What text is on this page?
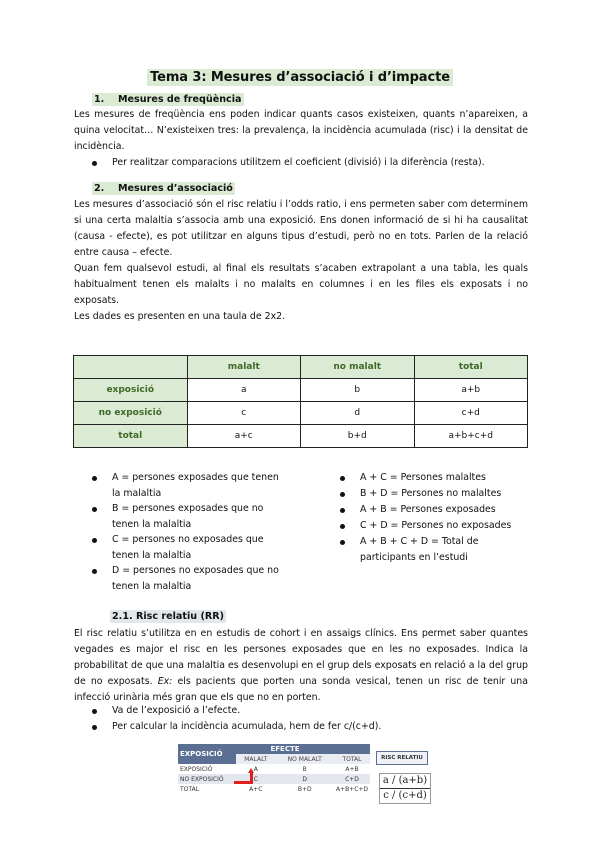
Tema 3: Mesures d’associació i d’impacte
1. Mesures de freqüència
Les mesures de freqüència ens poden indicar quants casos existeixen, quants n’apareixen, a quina velocitat… N’existeixen tres: la prevalença, la incidència acumulada (risc) i la densitat de incidència.
Per realitzar comparacions utilitzem el coeficient (divisió) i la diferència (resta).
2. Mesures d’associació
Les mesures d’associació són el risc relatiu i l’odds ratio, i ens permeten saber com determinem si una certa malaltia s’associa amb una exposició. Ens donen informació de si hi ha causalitat (causa - efecte), es pot utilitzar en alguns tipus d’estudi, però no en tots. Parlen de la relació entre causa – efecte.
Quan fem qualsevol estudi, al final els resultats s’acaben extrapolant a una tabla, les quals habitualment tenen els malalts i no malalts en columnes i en les files els exposats i no exposats.
Les dades es presenten en una taula de 2x2.
	malalt	no malalt	total
exposició	a	b	a+b
no exposició	c	d	c+d
total	a+c	b+d	a+b+c+d
A = persones exposades que tenen la malaltia
B = persones exposades que no tenen la malaltia
C = persones no exposades que tenen la malaltia
D = persones no exposades que no tenen la malaltia
A + C = Persones malaltes
B + D = Persones no malaltes
A + B = Persones exposades
C + D = Persones no exposades
A + B + C + D = Total de participants en l’estudi
2.1. Risc relatiu (RR)
El risc relatiu s’utilitza en en estudis de cohort i en assaigs clínics. Ens permet saber quantes vegades es major el risc en les persones exposades que en les no exposades. Indica la probabilitat de que una malaltia es desenvolupi en el grup dels exposats en relació a la del grup de no exposats. Ex: els pacients que porten una sonda vesical, tenen un risc de tenir una infecció urinària més gran que els que no en porten.
Va de l’exposició a l’efecte.
Per calcular la incidència acumulada, hem de fer c/(c+d).
EXPOSICIÓ	EFECTE		
	MALALT	NO MALALT	TOTAL
EXPOSICIÓ	A	B	A+B
NO EXPOSICIÓ	C	D	C+D
TOTAL	A+C	B+D	A+B+C+D
RISC RELATIU
$\frac{a / (a+b)}{c / (c+d)}$
